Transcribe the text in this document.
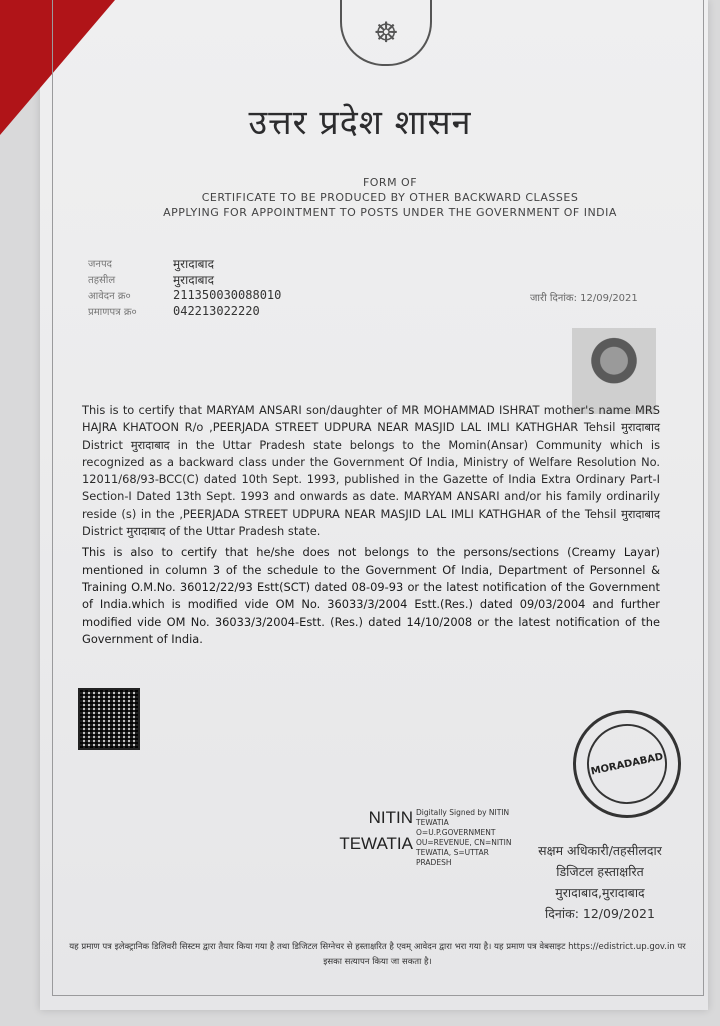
☸
उत्तर प्रदेश शासन
FORM OF
CERTIFICATE TO BE PRODUCED BY OTHER BACKWARD CLASSES
APPLYING FOR APPOINTMENT TO POSTS UNDER THE GOVERNMENT OF INDIA
जनपद	मुरादाबाद
तहसील	मुरादाबाद
आवेदन क्र०	211350030088010
प्रमाणपत्र क्र०	042213022220
जारी दिनांक: 12/09/2021

This is to certify that MARYAM ANSARI son/daughter of MR MOHAMMAD ISHRAT mother's name MRS HAJRA KHATOON R/o ,PEERJADA STREET UDPURA NEAR MASJID LAL IMLI KATHGHAR Tehsil मुरादाबाद District मुरादाबाद in the Uttar Pradesh state belongs to the Momin(Ansar) Community which is recognized as a backward class under the Government Of India, Ministry of Welfare Resolution No. 12011/68/93-BCC(C) dated 10th Sept. 1993, published in the Gazette of India Extra Ordinary Part-I Section-I Dated 13th Sept. 1993 and onwards as date. MARYAM ANSARI and/or his family ordinarily reside (s) in the ,PEERJADA STREET UDPURA NEAR MASJID LAL IMLI KATHGHAR of the Tehsil मुरादाबाद District मुरादाबाद of the Uttar Pradesh state.

This is also to certify that he/she does not belongs to the persons/sections (Creamy Layar) mentioned in column 3 of the schedule to the Government Of India, Department of Personnel & Training O.M.No. 36012/22/93 Estt(SCT) dated 08-09-93 or the latest notification of the Government of India.which is modified vide OM No. 36033/3/2004 Estt.(Res.) dated 09/03/2004 and further modified vide OM No. 36033/3/2004-Estt. (Res.) dated 14/10/2008 or the latest notification of the Government of India.

MORADABAD
NITIN
TEWATIA
Digitally Signed by NITIN TEWATIA O=U.P.GOVERNMENT OU=REVENUE, CN=NITIN TEWATIA, S=UTTAR PRADESH
सक्षम अधिकारी/तहसीलदार
डिजिटल हस्ताक्षरित
मुरादाबाद,मुरादाबाद
दिनांक: 12/09/2021
यह प्रमाण पत्र इलेक्ट्रानिक डिलिवरी सिस्टम द्वारा तैयार किया गया है तथा डिजिटल सिग्नेचर से हस्ताक्षरित है एवम् आवेदन द्वारा भरा गया है। यह प्रमाण पत्र वेबसाइट https://edistrict.up.gov.in पर इसका सत्यापन किया जा सकता है।
